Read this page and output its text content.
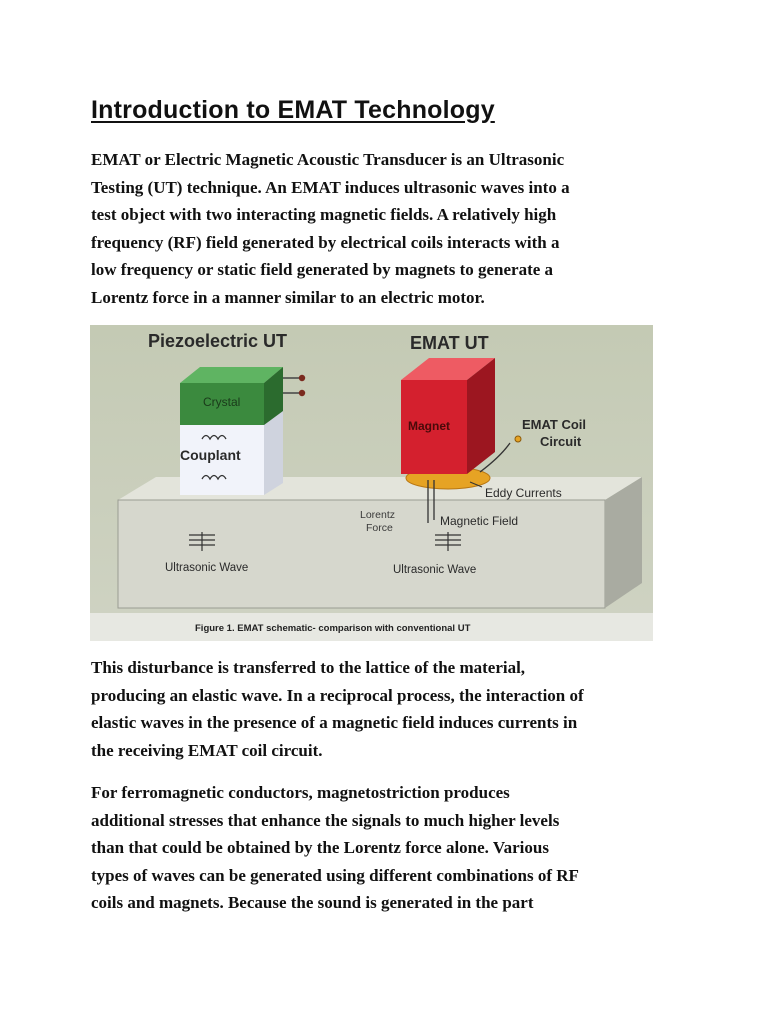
Introduction to EMAT Technology
EMAT or Electric Magnetic Acoustic Transducer is an Ultrasonic
Testing (UT) technique. An EMAT induces ultrasonic waves into a
test object with two interacting magnetic fields. A relatively high
frequency (RF) field generated by electrical coils interacts with a
low frequency or static field generated by magnets to generate a
Lorentz force in a manner similar to an electric motor.
Piezoelectric UT	EMAT UT
Crystal
Couplant
Magnet	EMAT Coil
Circuit
Eddy Currents
Lorentz
Force	Magnetic Field
Ultrasonic Wave	Ultrasonic Wave
Figure 1. EMAT schematic- comparison with conventional UT
This disturbance is transferred to the lattice of the material,
producing an elastic wave. In a reciprocal process, the interaction of
elastic waves in the presence of a magnetic field induces currents in
the receiving EMAT coil circuit.
For ferromagnetic conductors, magnetostriction produces
additional stresses that enhance the signals to much higher levels
than that could be obtained by the Lorentz force alone. Various
types of waves can be generated using different combinations of RF
coils and magnets. Because the sound is generated in the part
